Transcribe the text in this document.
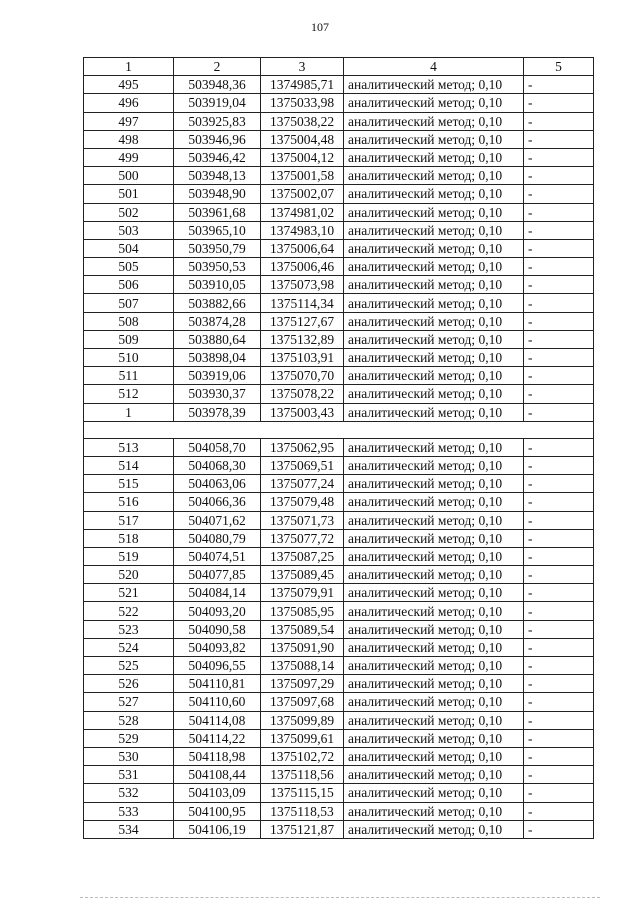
107
1	2	3	4	5
495	503948,36	1374985,71	аналитический метод; 0,10	-
496	503919,04	1375033,98	аналитический метод; 0,10	-
497	503925,83	1375038,22	аналитический метод; 0,10	-
498	503946,96	1375004,48	аналитический метод; 0,10	-
499	503946,42	1375004,12	аналитический метод; 0,10	-
500	503948,13	1375001,58	аналитический метод; 0,10	-
501	503948,90	1375002,07	аналитический метод; 0,10	-
502	503961,68	1374981,02	аналитический метод; 0,10	-
503	503965,10	1374983,10	аналитический метод; 0,10	-
504	503950,79	1375006,64	аналитический метод; 0,10	-
505	503950,53	1375006,46	аналитический метод; 0,10	-
506	503910,05	1375073,98	аналитический метод; 0,10	-
507	503882,66	1375114,34	аналитический метод; 0,10	-
508	503874,28	1375127,67	аналитический метод; 0,10	-
509	503880,64	1375132,89	аналитический метод; 0,10	-
510	503898,04	1375103,91	аналитический метод; 0,10	-
511	503919,06	1375070,70	аналитический метод; 0,10	-
512	503930,37	1375078,22	аналитический метод; 0,10	-
1	503978,39	1375003,43	аналитический метод; 0,10	-

513	504058,70	1375062,95	аналитический метод; 0,10	-
514	504068,30	1375069,51	аналитический метод; 0,10	-
515	504063,06	1375077,24	аналитический метод; 0,10	-
516	504066,36	1375079,48	аналитический метод; 0,10	-
517	504071,62	1375071,73	аналитический метод; 0,10	-
518	504080,79	1375077,72	аналитический метод; 0,10	-
519	504074,51	1375087,25	аналитический метод; 0,10	-
520	504077,85	1375089,45	аналитический метод; 0,10	-
521	504084,14	1375079,91	аналитический метод; 0,10	-
522	504093,20	1375085,95	аналитический метод; 0,10	-
523	504090,58	1375089,54	аналитический метод; 0,10	-
524	504093,82	1375091,90	аналитический метод; 0,10	-
525	504096,55	1375088,14	аналитический метод; 0,10	-
526	504110,81	1375097,29	аналитический метод; 0,10	-
527	504110,60	1375097,68	аналитический метод; 0,10	-
528	504114,08	1375099,89	аналитический метод; 0,10	-
529	504114,22	1375099,61	аналитический метод; 0,10	-
530	504118,98	1375102,72	аналитический метод; 0,10	-
531	504108,44	1375118,56	аналитический метод; 0,10	-
532	504103,09	1375115,15	аналитический метод; 0,10	-
533	504100,95	1375118,53	аналитический метод; 0,10	-
534	504106,19	1375121,87	аналитический метод; 0,10	-
